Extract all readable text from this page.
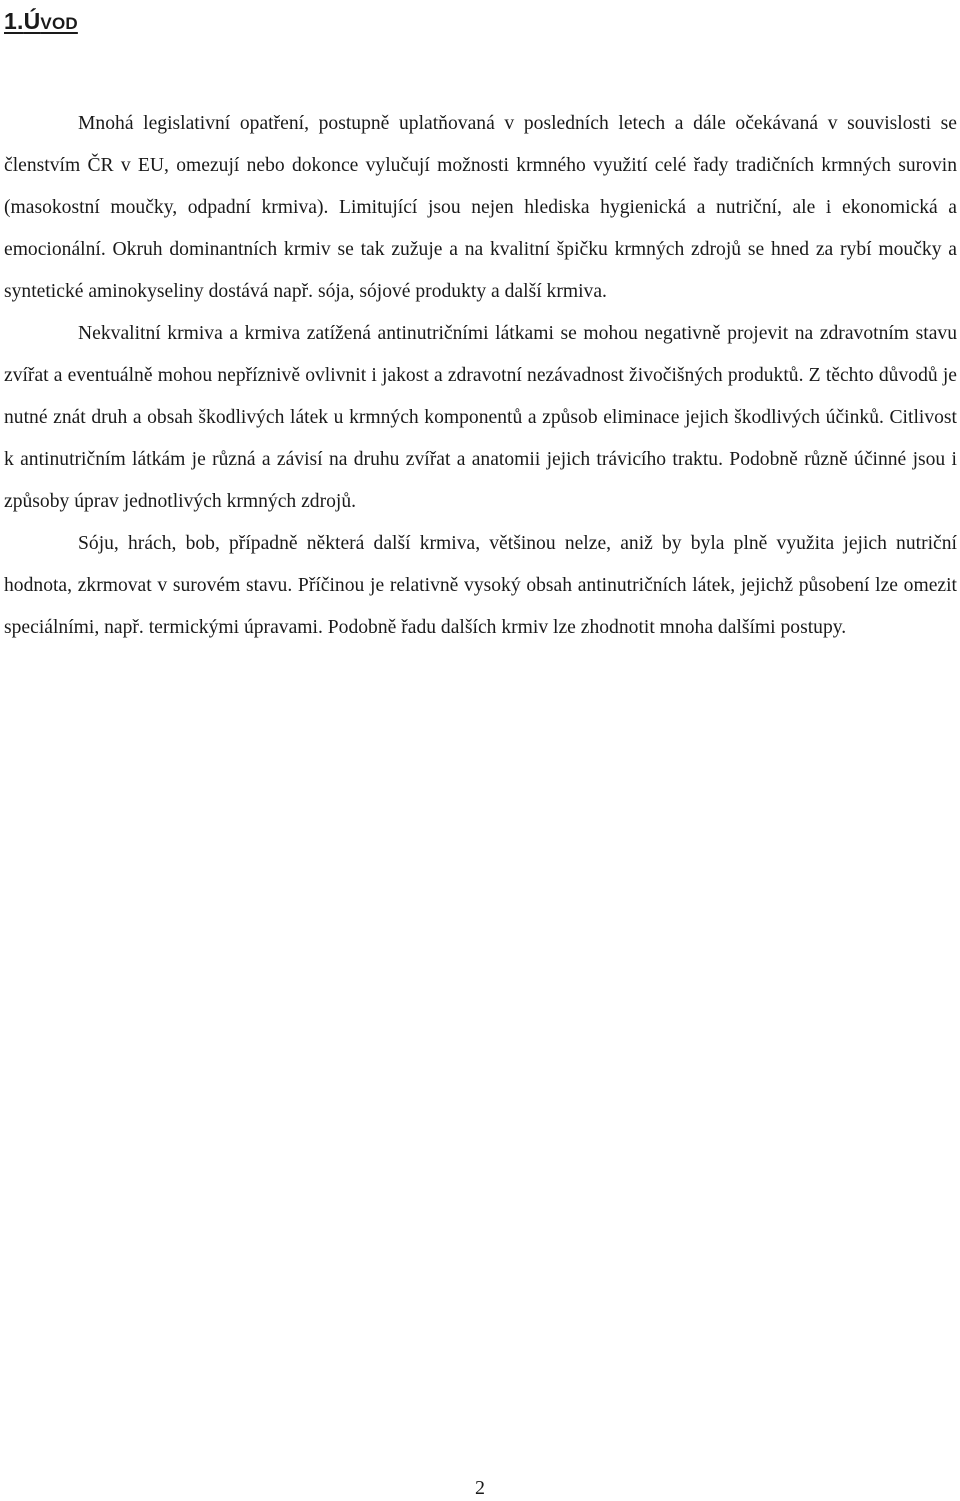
1.ÚVOD

Mnohá legislativní opatření, postupně uplatňovaná v posledních letech a dále očekávaná v souvislosti se členstvím ČR v EU, omezují nebo dokonce vylučují možnosti krmného využití celé řady tradičních krmných surovin (masokostní moučky, odpadní krmiva). Limitující jsou nejen hlediska hygienická a nutriční, ale i ekonomická a emocionální. Okruh dominantních krmiv se tak zužuje a na kvalitní špičku krmných zdrojů se hned za rybí moučky a syntetické aminokyseliny dostává např. sója, sójové produkty a další krmiva.

Nekvalitní krmiva a krmiva zatížená antinutričními látkami se mohou negativně projevit na zdravotním stavu zvířat a eventuálně mohou nepříznivě ovlivnit i jakost a zdravotní nezávadnost živočišných produktů. Z těchto důvodů je nutné znát druh a obsah škodlivých látek u krmných komponentů a způsob eliminace jejich škodlivých účinků. Citlivost k antinutričním látkám je různá a závisí na druhu zvířat a anatomii jejich trávicího traktu. Podobně různě účinné jsou i způsoby úprav jednotlivých krmných zdrojů.

Sóju, hrách, bob, případně některá další krmiva, většinou nelze, aniž by byla plně využita jejich nutriční hodnota, zkrmovat v surovém stavu. Příčinou je relativně vysoký obsah antinutričních látek, jejichž působení lze omezit speciálními, např. termickými úpravami. Podobně řadu dalších krmiv lze zhodnotit mnoha dalšími postupy.

2
